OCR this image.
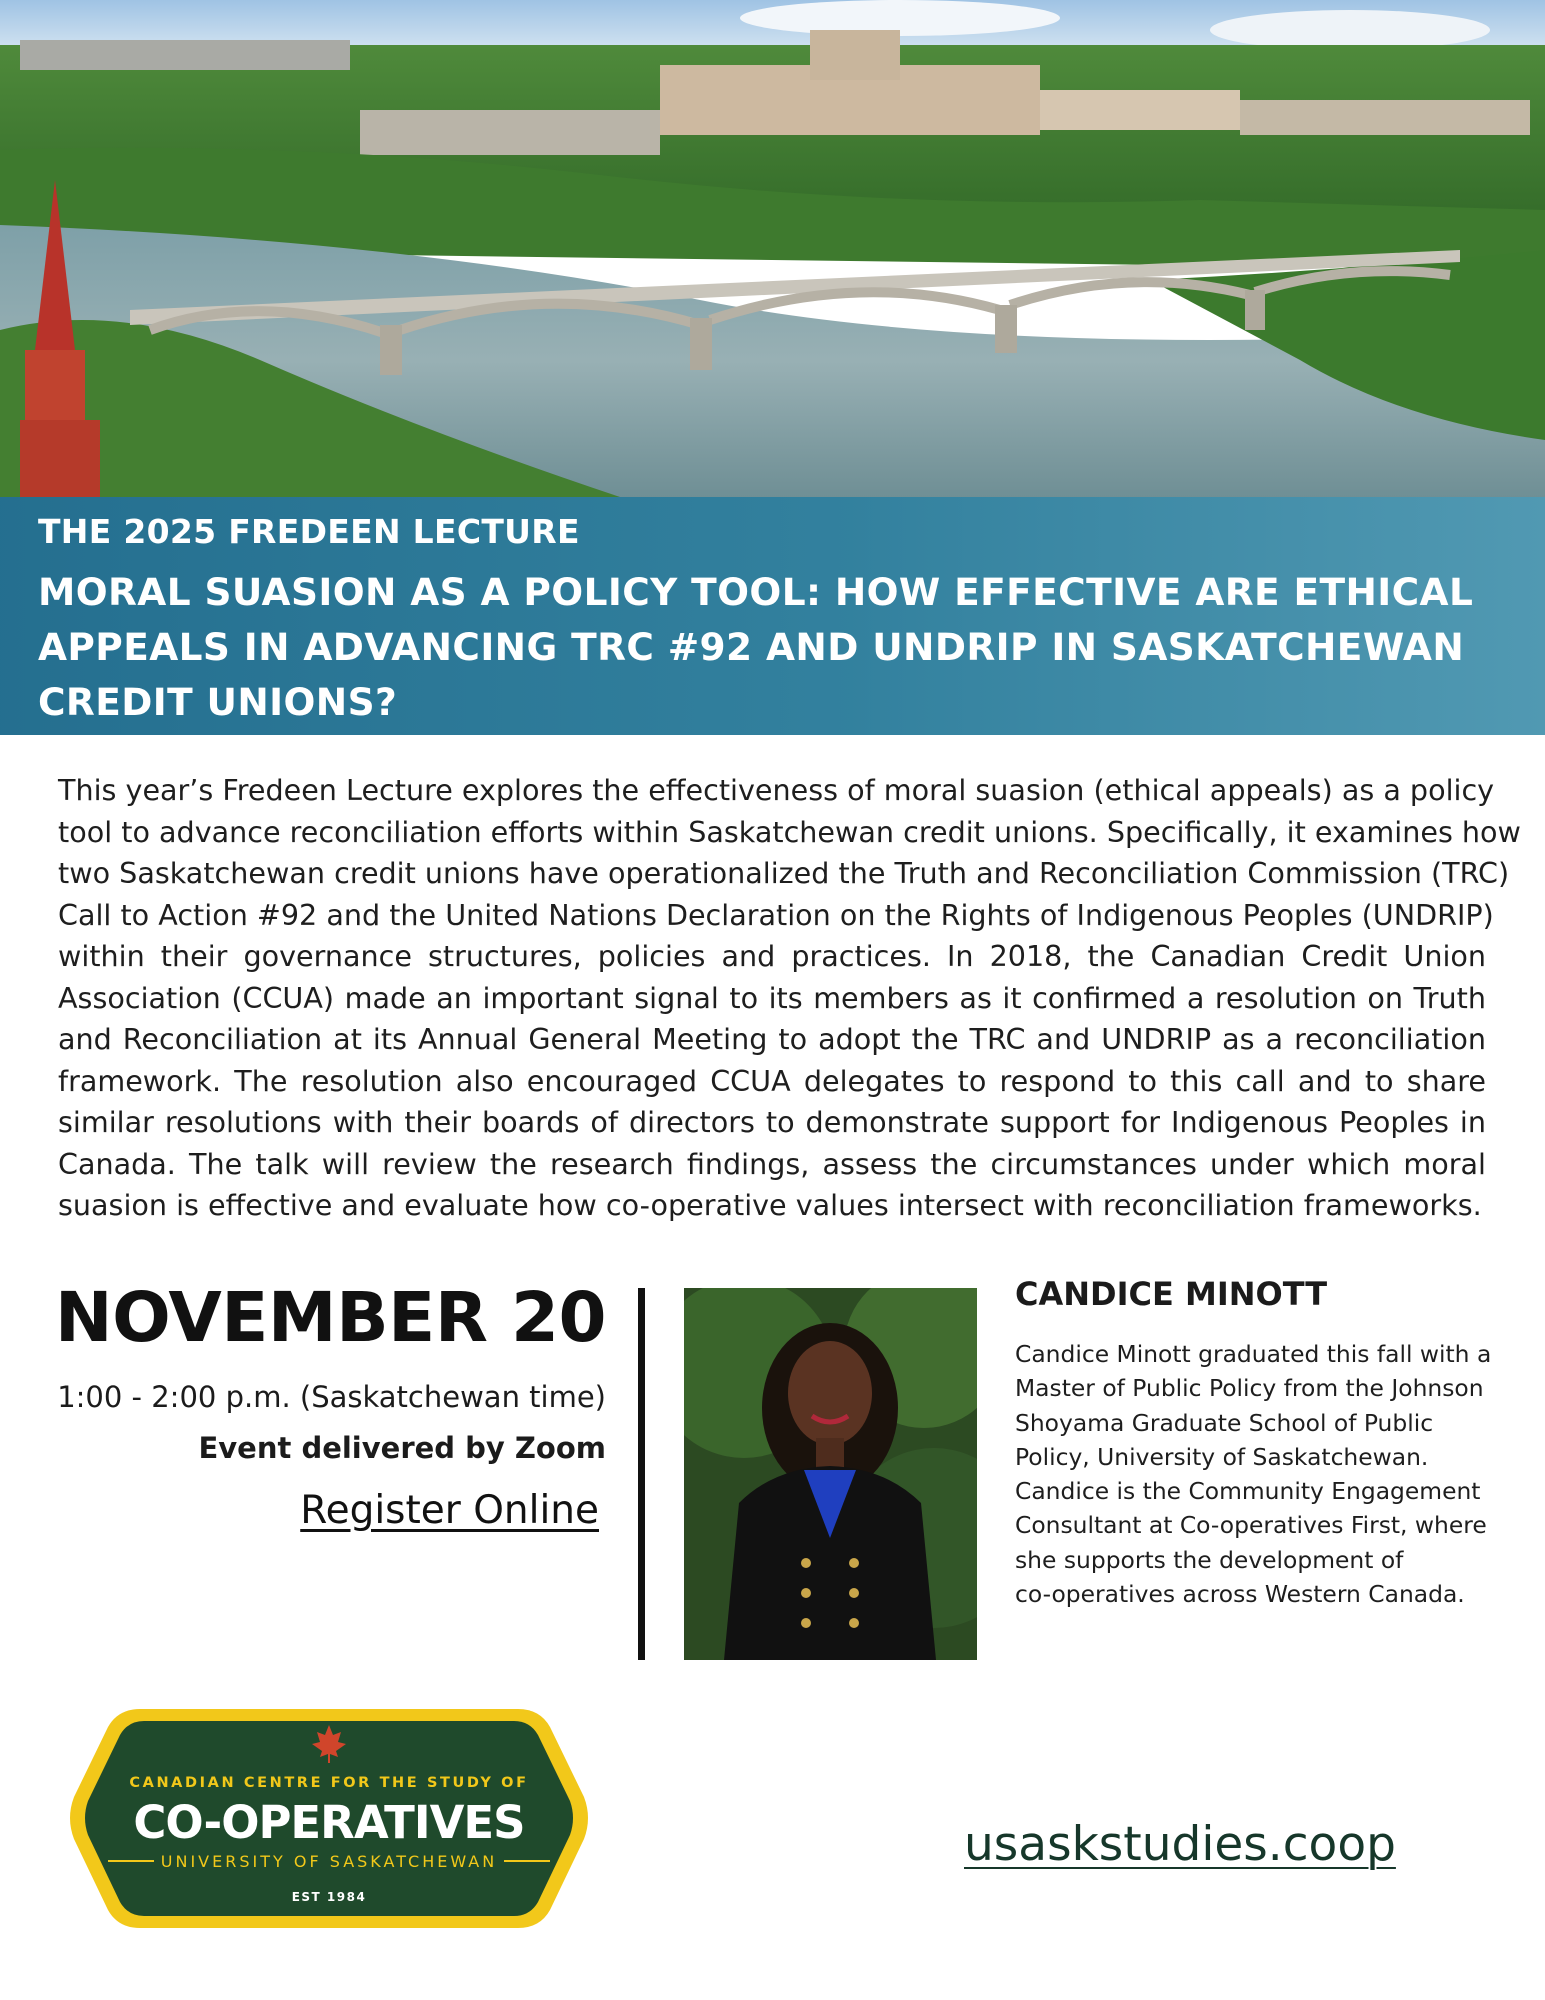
THE 2025 FREDEEN LECTURE
MORAL SUASION AS A POLICY TOOL: HOW EFFECTIVE ARE ETHICAL
APPEALS IN ADVANCING TRC #92 AND UNDRIP IN SASKATCHEWAN
CREDIT UNIONS?
This year’s Fredeen Lecture explores the effectiveness of moral suasion (ethical appeals) as a policy
tool to advance reconciliation efforts within Saskatchewan credit unions. Specifically, it examines how
two Saskatchewan credit unions have operationalized the Truth and Reconciliation Commission (TRC)
Call to Action #92 and the United Nations Declaration on the Rights of Indigenous Peoples (UNDRIP)
within their governance structures, policies and practices. In 2018, the Canadian Credit Union
Association (CCUA) made an important signal to its members as it confirmed a resolution on Truth
and Reconciliation at its Annual General Meeting to adopt the TRC and UNDRIP as a reconciliation
framework. The resolution also encouraged CCUA delegates to respond to this call and to share
similar resolutions with their boards of directors to demonstrate support for Indigenous Peoples in
Canada. The talk will review the research findings, assess the circumstances under which moral
suasion is effective and evaluate how co-operative values intersect with reconciliation frameworks.
NOVEMBER 20
1:00 - 2:00 p.m. (Saskatchewan time)
Event delivered by Zoom
Register Online
CANDICE MINOTT
Candice Minott graduated this fall with a
Master of Public Policy from the Johnson
Shoyama Graduate School of Public
Policy, University of Saskatchewan.
Candice is the Community Engagement
Consultant at Co-operatives First, where
she supports the development of
co-operatives across Western Canada.
CANADIAN CENTRE FOR THE STUDY OF
CO-OPERATIVES
UNIVERSITY OF SASKATCHEWAN
EST 1984
usaskstudies.coop
